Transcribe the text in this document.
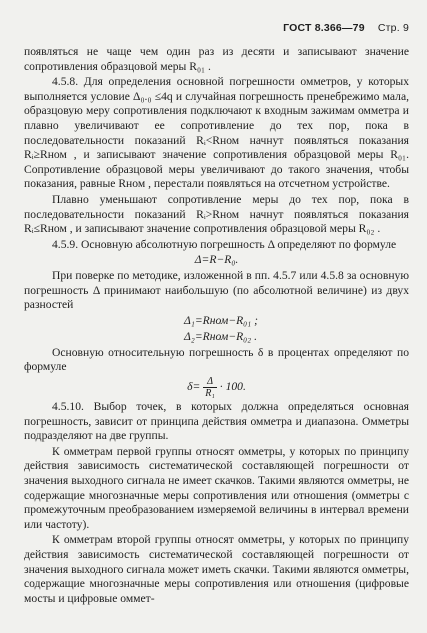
ГОСТ 8.366—79 Стр. 9

появляться не чаще чем один раз из десяти и записывают значение сопротивления образцовой меры R₀₁ .

4.5.8. Для определения основной погрешности омметров, у которых выполняется условие Δ₀.₀ ≤4q и случайная погрешность пренебрежимо мала, образцовую меру сопротивления подключают к входным зажимам омметра и плавно увеличивают ее сопротивление до тех пор, пока в последовательности показаний Rᵢ<Rном начнут появляться показания Rᵢ≥Rном , и записывают значение сопротивления образцовой меры R₀₁. Сопротивление образцовой меры увеличивают до такого значения, чтобы показания, равные Rном , перестали появляться на отсчетном устройстве.

Плавно уменьшают сопротивление меры до тех пор, пока в последовательности показаний Rᵢ>Rном начнут появляться показания Rᵢ≤Rном , и записывают значение сопротивления образцовой меры R₀₂ .

4.5.9. Основную абсолютную погрешность Δ определяют по формуле

Δ=R−R₀.

При поверке по методике, изложенной в пп. 4.5.7 или 4.5.8 за основную погрешность Δ принимают наибольшую (по абсолютной величине) из двух разностей

Δ₁=Rном−R₀₁ ;

Δ₂=Rном−R₀₂ .

Основную относительную погрешность δ в процентах определяют по формуле

$\delta= \frac{\Delta}{\text{R₁}} \cdot 100$.

4.5.10. Выбор точек, в которых должна определяться основная погрешность, зависит от принципа действия омметра и диапазона. Омметры подразделяют на две группы.

К омметрам первой группы относят омметры, у которых по принципу действия зависимость систематической составляющей погрешности от значения выходного сигнала не имеет скачков. Такими являются омметры, не содержащие многозначные меры сопротивления или отношения (омметры с промежуточным преобразованием измеряемой величины в интервал времени или частоту).

К омметрам второй группы относят омметры, у которых по принципу действия зависимость систематической составляющей погрешности от значения выходного сигнала может иметь скачки. Такими являются омметры, содержащие многозначные меры сопротивления или отношения (цифровые мосты и цифровые оммет-
